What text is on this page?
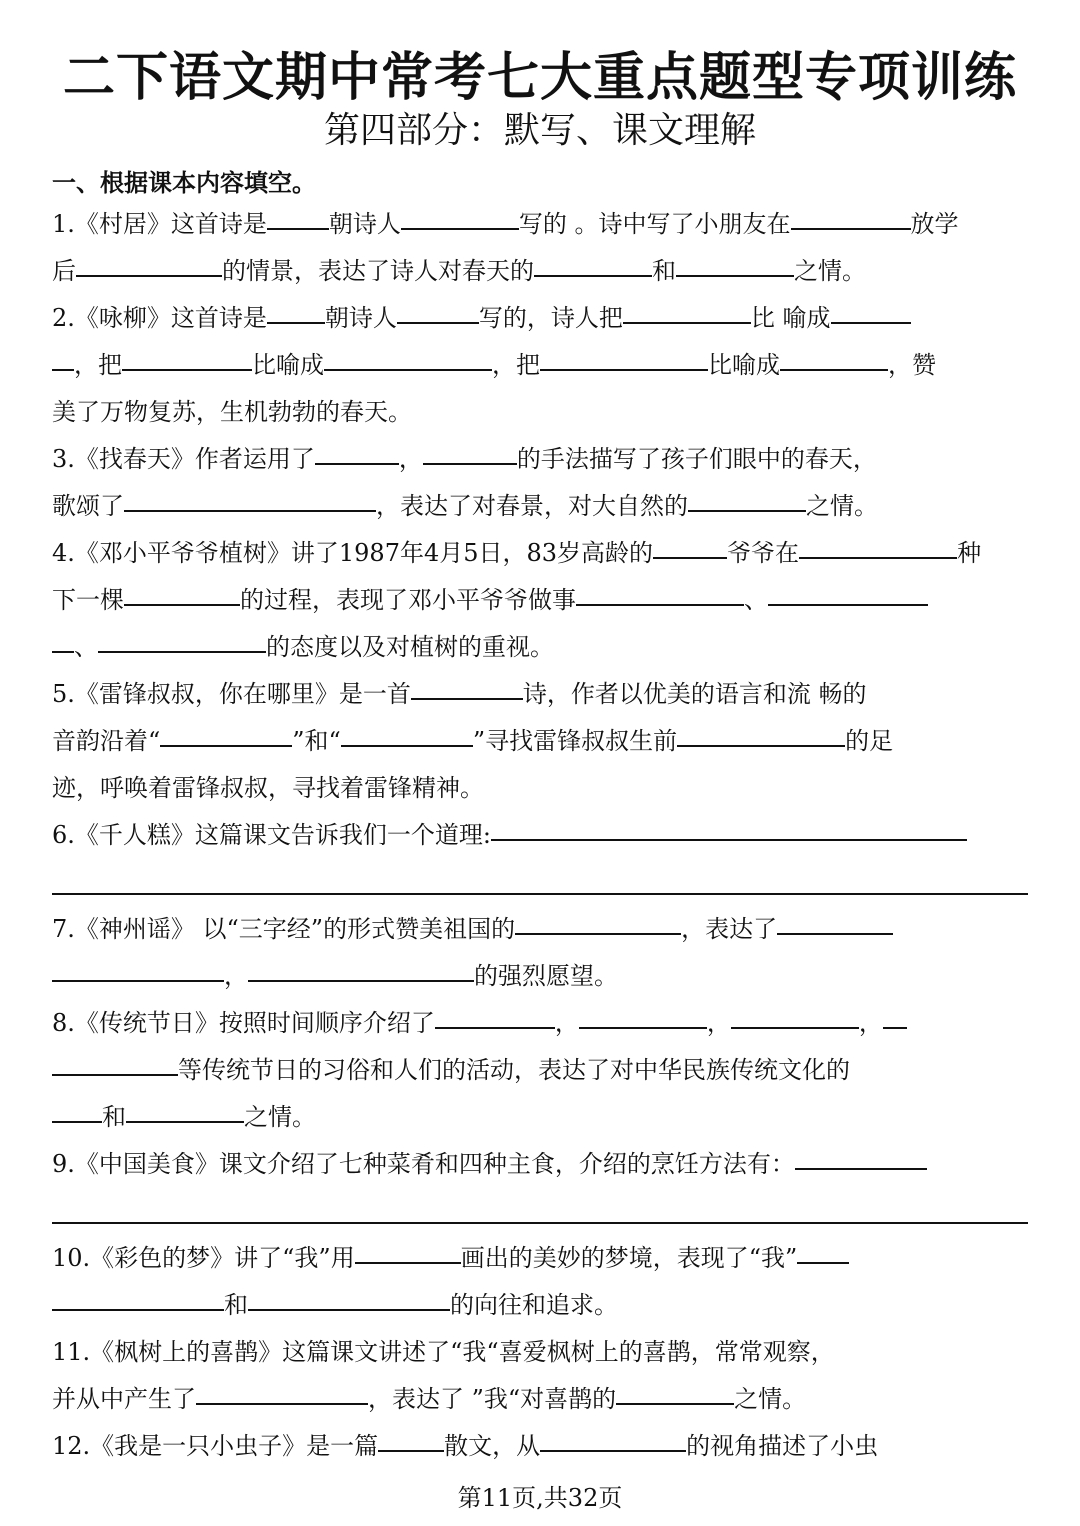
二下语文期中常考七大重点题型专项训练
第四部分：默写、课文理解
一、根据课本内容填空。
1.《村居》这首诗是	朝诗人	写的 。诗中写了小朋友在	放学
后	的情景，表达了诗人对春天的	和	之情。
2.《咏柳》这首诗是 朝诗人	写的，诗人把	比 喻成
，把	比喻成	，把	比喻成	，赞
美了万物复苏，生机勃勃的春天。
3.《找春天》作者运用了	，	的手法描写了孩子们眼中的春天，
歌颂了	，表达了对春景，对大自然的	之情。
4.《邓小平爷爷植树》讲了1987年4月5日，83岁高龄的	爷爷在	种
下一棵	的过程，表现了邓小平爷爷做事	、
、	的态度以及对植树的重视。
5.《雷锋叔叔，你在哪里》是一首	诗，作者以优美的语言和流 畅的
音韵沿着“	”和“	”寻找雷锋叔叔生前	的足
迹，呼唤着雷锋叔叔，寻找着雷锋精神。
6.《千人糕》这篇课文告诉我们一个道理:
7.《神州谣》 以“三字经”的形式赞美祖国的	，表达了
，	的强烈愿望。
8.《传统节日》按照时间顺序介绍了	，	，	，
等传统节日的习俗和人们的活动，表达了对中华民族传统文化的
和	之情。
9.《中国美食》课文介绍了七种菜肴和四种主食，介绍的烹饪方法有：
10.《彩色的梦》讲了“我”用	画出的美妙的梦境，表现了“我”
和	的向往和追求。
11.《枫树上的喜鹊》这篇课文讲述了“我“喜爱枫树上的喜鹊，常常观察，
并从中产生了	，表达了 ”我“对喜鹊的	之情。
12.《我是一只小虫子》是一篇	散文，从	的视角描述了小虫
第11页,共32页
